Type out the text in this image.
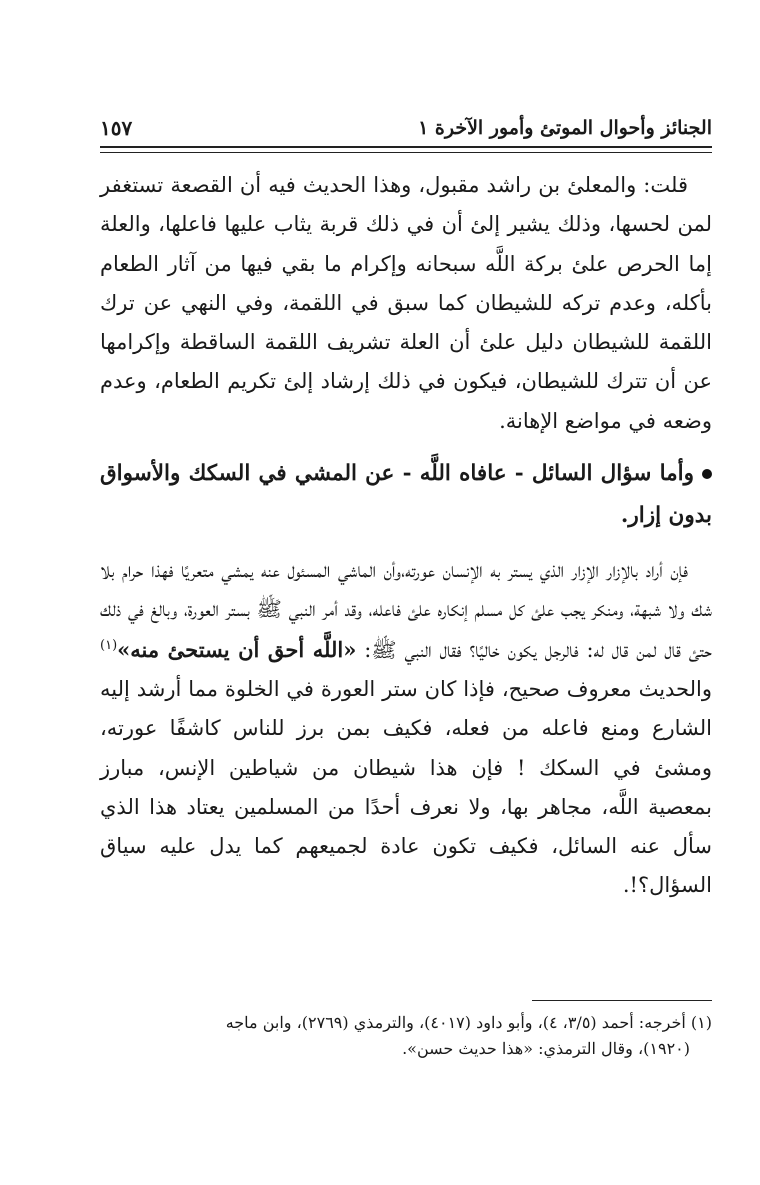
الجنائز وأحوال الموتئ وأمور الآخرة ١
١٥٧

قلت: والمعلئ بن راشد مقبول، وهذا الحديث فيه أن القصعة تستغفر لمن لحسها، وذلك يشير إلئ أن في ذلك قربة يثاب عليها فاعلها، والعلة إما الحرص علئ بركة اللَّه سبحانه وإكرام ما بقي فيها من آثار الطعام بأكله، وعدم تركه للشيطان كما سبق في اللقمة، وفي النهي عن ترك اللقمة للشيطان دليل علئ أن العلة تشريف اللقمة الساقطة وإكرامها عن أن تترك للشيطان، فيكون في ذلك إرشاد إلئ تكريم الطعام، وعدم وضعه في مواضع الإهانة.

وأما سؤال السائل - عافاه اللَّه - عن المشي في السكك والأسواق بدون إزار.

فإن أراد بالإزار الإزار الذي يستر به الإنسان عورته،وأن الماشي المسئول عنه يمشي متعريًا فهذا حرام بلا شك ولا شبهة، ومنكر يجب علئ كل مسلم إنكاره علئ فاعله، وقد أمر النبي ﷺ بستر العورة، وبالغ في ذلك حتئ قال لمن قال له: فالرجل يكون خاليًا؟ فقال النبي ﷺ: «اللَّه أحق أن يستحئ منه»$^{(١)}$ والحديث معروف صحيح، فإذا كان ستر العورة في الخلوة مما أرشد إليه الشارع ومنع فاعله من فعله، فكيف بمن برز للناس كاشفًا عورته، ومشئ في السكك ! فإن هذا شيطان من شياطين الإنس، مبارز بمعصية اللَّه، مجاهر بها، ولا نعرف أحدًا من المسلمين يعتاد هذا الذي سأل عنه السائل، فكيف تكون عادة لجميعهم كما يدل عليه سياق السؤال؟!.

(١) أخرجه: أحمد (٣/٥، ٤)، وأبو داود (٤٠١٧)، والترمذي (٢٧٦٩)، وابن ماجه

(١٩٢٠)، وقال الترمذي: «هذا حديث حسن».
